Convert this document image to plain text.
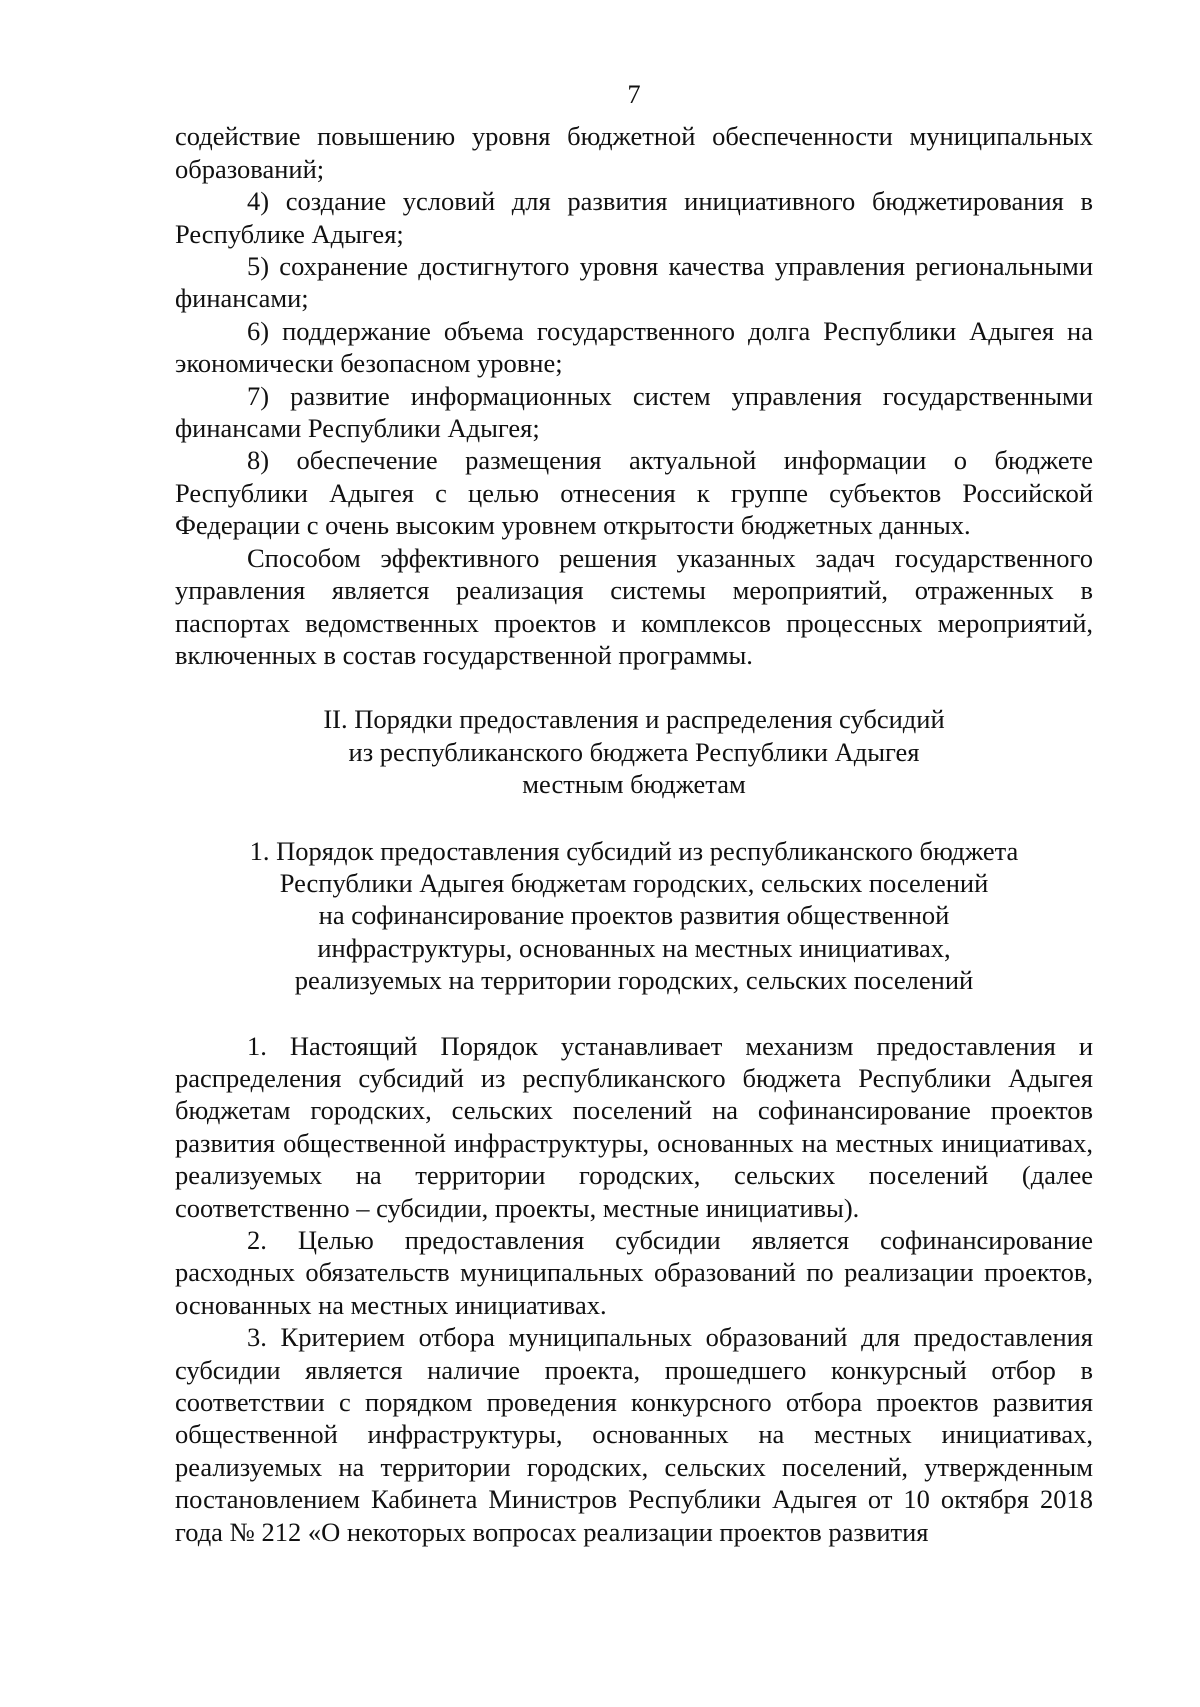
7

содействие повышению уровня бюджетной обеспеченности муниципальных образований;

4) создание условий для развития инициативного бюджетирования в Республике Адыгея;

5) сохранение достигнутого уровня качества управления региональными финансами;

6) поддержание объема государственного долга Республики Адыгея на экономически безопасном уровне;

7) развитие информационных систем управления государственными финансами Республики Адыгея;

8) обеспечение размещения актуальной информации о бюджете Республики Адыгея с целью отнесения к группе субъектов Российской Федерации с очень высоким уровнем открытости бюджетных данных.

Способом эффективного решения указанных задач государственного управления является реализация системы мероприятий, отраженных в паспортах ведомственных проектов и комплексов процессных мероприятий, включенных в состав государственной программы.

II. Порядки предоставления и распределения субсидий
из республиканского бюджета Республики Адыгея
местным бюджетам
1. Порядок предоставления субсидий из республиканского бюджета
Республики Адыгея бюджетам городских, сельских поселений
на софинансирование проектов развития общественной
инфраструктуры, основанных на местных инициативах,
реализуемых на территории городских, сельских поселений

1. Настоящий Порядок устанавливает механизм предоставления и распределения субсидий из республиканского бюджета Республики Адыгея бюджетам городских, сельских поселений на софинансирование проектов развития общественной инфраструктуры, основанных на местных инициативах, реализуемых на территории городских, сельских поселений (далее соответственно – субсидии, проекты, местные инициативы).

2. Целью предоставления субсидии является софинансирование расходных обязательств муниципальных образований по реализации проектов, основанных на местных инициативах.

3. Критерием отбора муниципальных образований для предоставления субсидии является наличие проекта, прошедшего конкурсный отбор в соответствии с порядком проведения конкурсного отбора проектов развития общественной инфраструктуры, основанных на местных инициативах, реализуемых на территории городских, сельских поселений, утвержденным постановлением Кабинета Министров Республики Адыгея от 10 октября 2018 года № 212 «О некоторых вопросах реализации проектов развития
